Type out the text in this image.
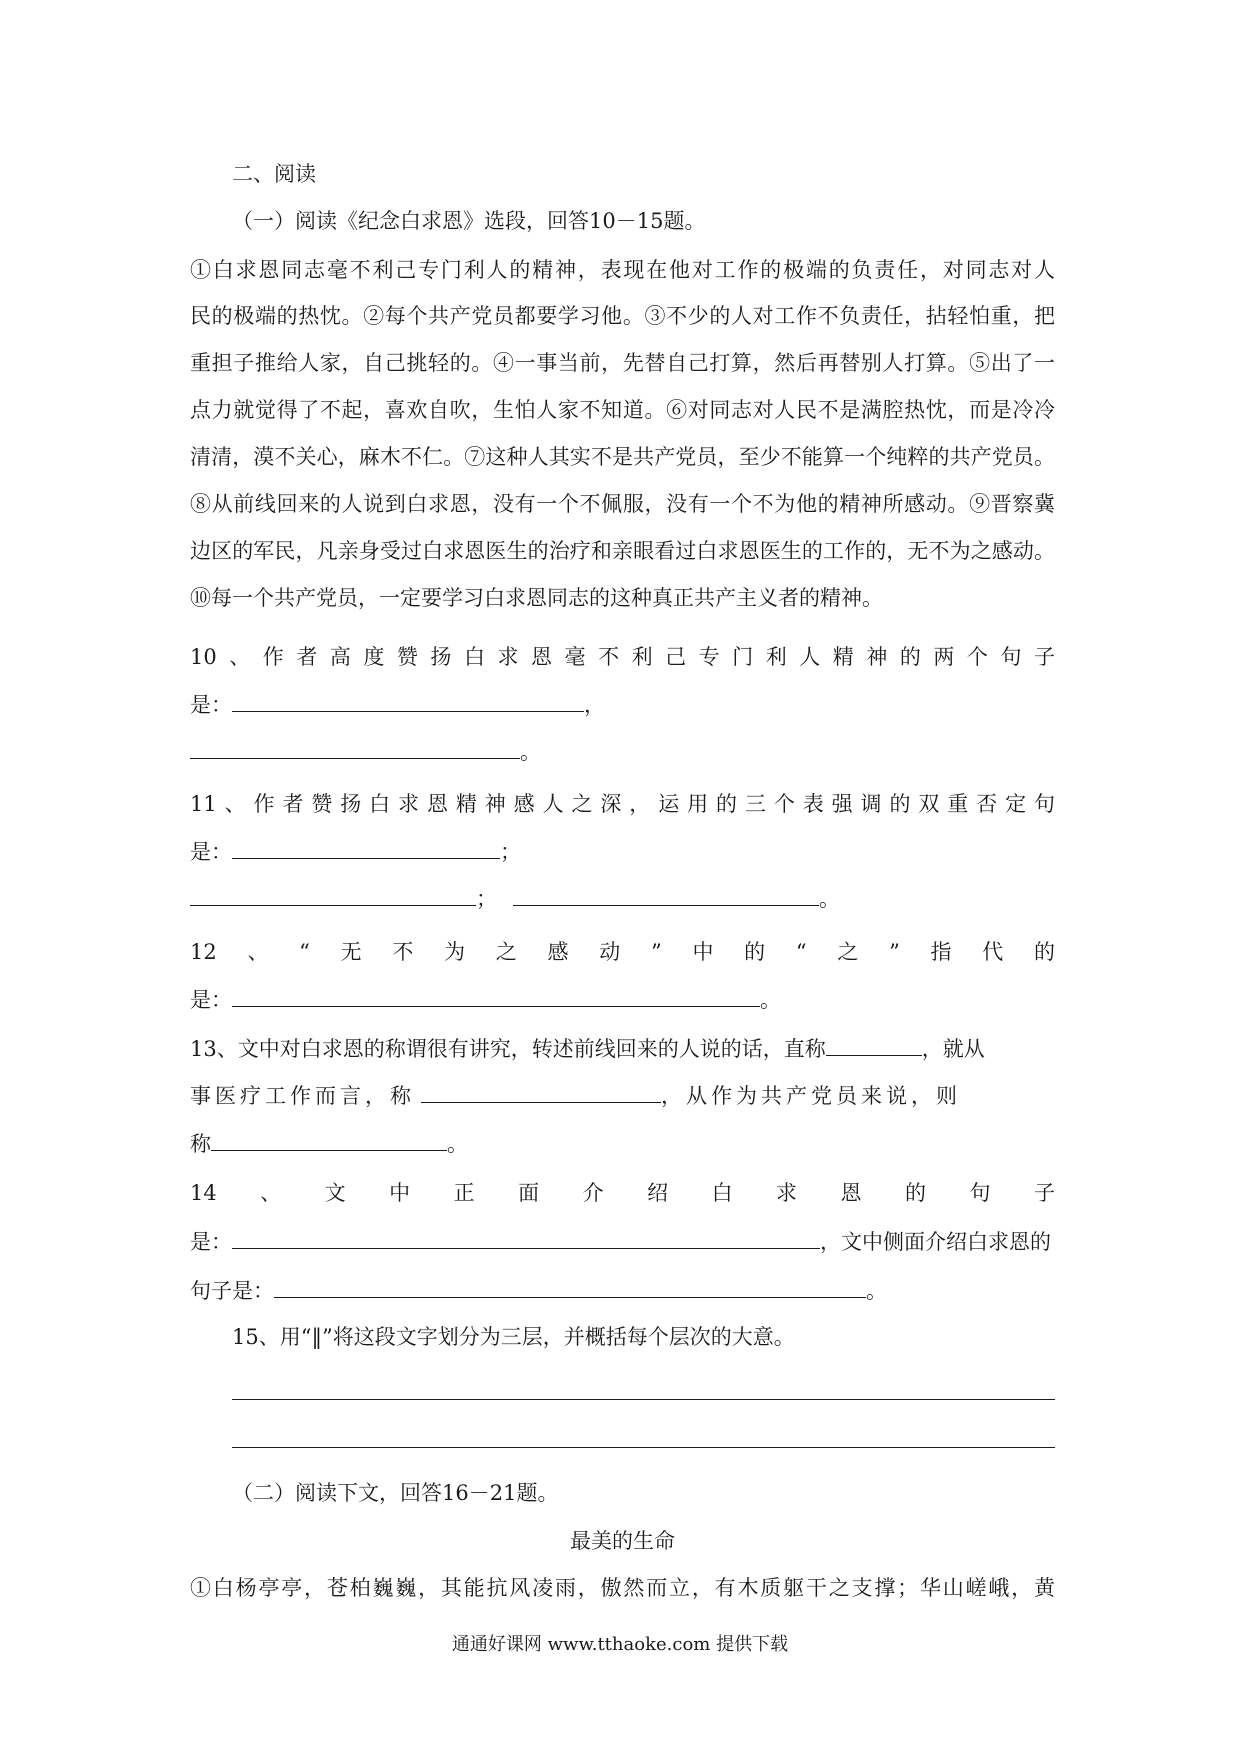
二、阅读
（一）阅读《纪念白求恩》选段，回答10－15题。
①白求恩同志毫不利己专门利人的精神，表现在他对工作的极端的负责任，对同志对人
民的极端的热忱。②每个共产党员都要学习他。③不少的人对工作不负责任，拈轻怕重，把
重担子推给人家，自己挑轻的。④一事当前，先替自己打算，然后再替别人打算。⑤出了一
点力就觉得了不起，喜欢自吹，生怕人家不知道。⑥对同志对人民不是满腔热忱，而是冷冷
清清，漠不关心，麻木不仁。⑦这种人其实不是共产党员，至少不能算一个纯粹的共产党员。
⑧从前线回来的人说到白求恩，没有一个不佩服，没有一个不为他的精神所感动。⑨晋察冀
边区的军民，凡亲身受过白求恩医生的治疗和亲眼看过白求恩医生的工作的，无不为之感动。
⑩每一个共产党员，一定要学习白求恩同志的这种真正共产主义者的精神。
10、作者高度赞扬白求恩毫不利己专门利人精神的两个句子
是：	，
。
11、作者赞扬白求恩精神感人之深，运用的三个表强调的双重否定句
是：	；
；	。
12、“无不为之感动”中的“之”指代的
是：	。
13、文中对白求恩的称谓很有讲究，转述前线回来的人说的话，直称	，就从
事医疗工作而言，称	，从作为共产党员来说，则
称	。
14、文中正面介绍白求恩的句子
是：	，文中侧面介绍白求恩的
句子是：	。
15、用“‖”将这段文字划分为三层，并概括每个层次的大意。
（二）阅读下文，回答16－21题。
最美的生命
①白杨亭亭，苍柏巍巍，其能抗风凌雨，傲然而立，有木质躯干之支撑；华山嵯峨，黄
通通好课网 www.tthaoke.com 提供下载
